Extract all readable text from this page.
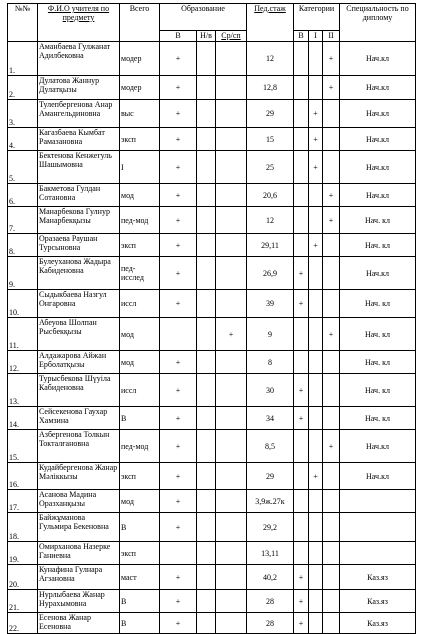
№№	Ф.И.О учителя по предмету	Всего	Образование			Пед.стаж	Категории			Специальность по диплому
			В	Н/в	Ср/сп		В	I	II	
1.	Аманбаева Гулжанат Адилбековна	модер	+			12			+	Нач.кл
2.	Дулатова Жаннур Дулатқызы	модер	+			12,8			+	Нач.кл
3.	Тулепбергенова Анар Амангельдиновна	выс	+			29		+		Нач.кл
4.	Кагазбаева Кымбат Рамазановна	эксп	+			15		+		Нач.кл
5.	Бектенова Кенжегуль Шашымовна	I	+			25		+		Нач.кл
6.	Бакметова Гулдан Сотановна	мод	+			20,6			+	Нач.кл
7.	Манарбекова Гулнур Манарбекқызы	пед-мод	+			12			+	Нач. кл
8.	Оразаева Раушан Турсыновна	эксп	+			29,11		+		Нач. кл
9.	Булеуханова Жадыра Кабиденовна	пед-исслед	+			26,9	+			Нач.кл
10.	Сыдыкбаева Назгул Онгаровна	иссл	+			39	+			Нач. кл
11.	Абеуова Шолпан Рысбекқызы	мод			+	9			+	Нач. кл
12.	Алдажарова Айжан Ерболатқызы	мод	+			8				Нач. кл
13.	Турысбекова Шүуіла Кабиденовна	иссл	+			30	+			Нач. кл
14.	Сейсекенова Гаухар Хамзина	В	+			34	+			Нач. кл
15.	Азбергенова Толкын Токталғановна	пед-мод	+			8,5			+	Нач.кл
16.	Кудайбергенова Жанар Мәліккызы	эксп	+			29		+		Нач.кл
17.	Асанова Мадина Оразханқызы	мод	+			3,9ж.27к				
18.	Байжұманова Гульмира Бекеновна	В	+			29,2				
19.	Омирханова Назерке Ганиевна	эксп				13,11				
20.	Кунафина Гулнара Агзановна	маст	+			40,2	+			Каз.яз
21.	Нурлыбаева Жанар Нурахымовна	В	+			28	+			Каз.яз
22.	Есенова Жанар Есеновна	В	+			28	+			Каз.яз
